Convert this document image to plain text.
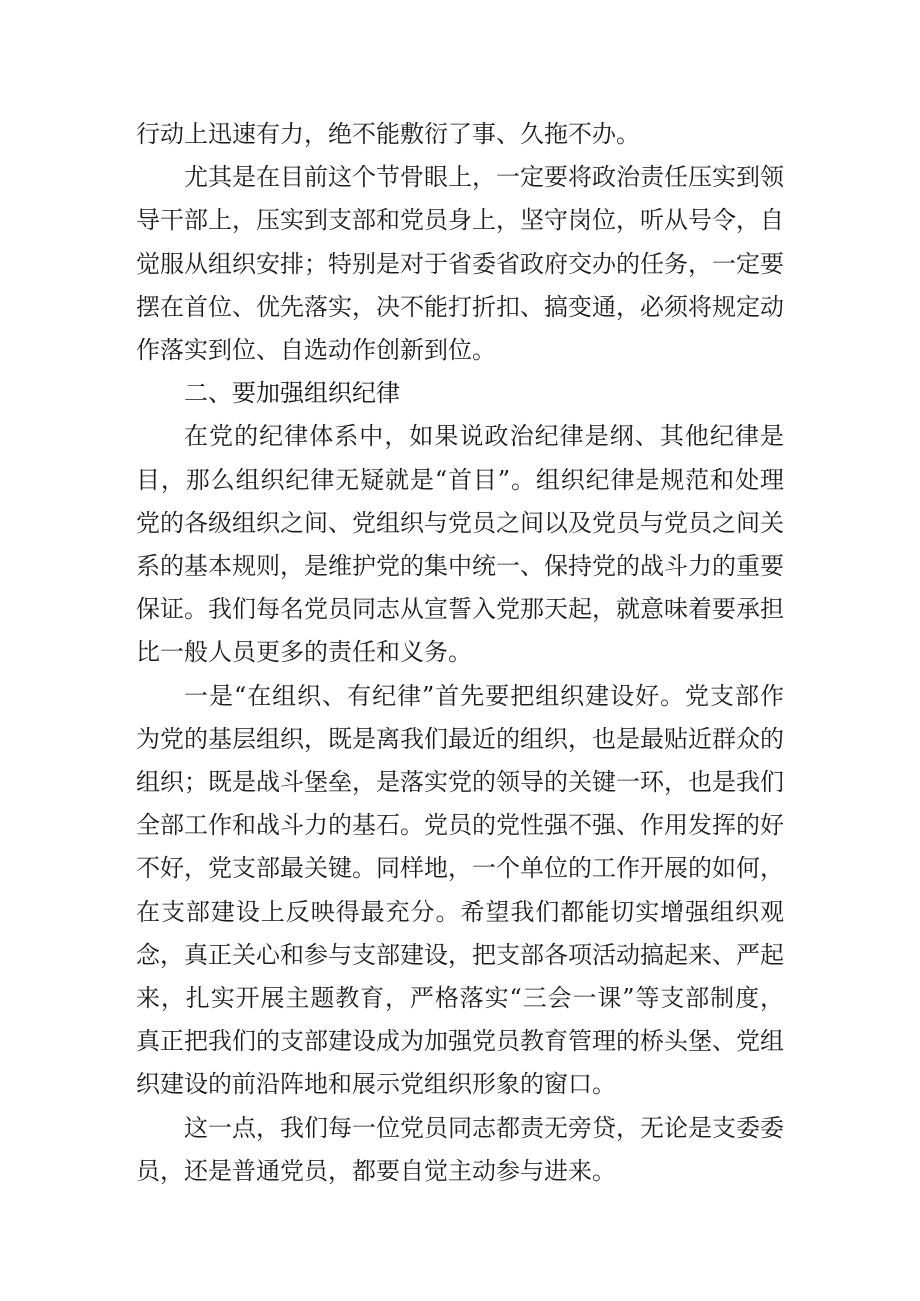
行动上迅速有力，绝不能敷衍了事、久拖不办。

尤其是在目前这个节骨眼上，一定要将政治责任压实到领导干部上，压实到支部和党员身上，坚守岗位，听从号令，自觉服从组织安排；特别是对于省委省政府交办的任务，一定要摆在首位、优先落实，决不能打折扣、搞变通，必须将规定动作落实到位、自选动作创新到位。

二、要加强组织纪律

在党的纪律体系中，如果说政治纪律是纲、其他纪律是目，那么组织纪律无疑就是“首目”。组织纪律是规范和处理党的各级组织之间、党组织与党员之间以及党员与党员之间关系的基本规则，是维护党的集中统一、保持党的战斗力的重要保证。我们每名党员同志从宣誓入党那天起，就意味着要承担比一般人员更多的责任和义务。

一是“在组织、有纪律”首先要把组织建设好。党支部作为党的基层组织，既是离我们最近的组织，也是最贴近群众的组织；既是战斗堡垒，是落实党的领导的关键一环，也是我们全部工作和战斗力的基石。党员的党性强不强、作用发挥的好不好，党支部最关键。同样地，一个单位的工作开展的如何，在支部建设上反映得最充分。希望我们都能切实增强组织观念，真正关心和参与支部建设，把支部各项活动搞起来、严起来，扎实开展主题教育，严格落实“三会一课”等支部制度，真正把我们的支部建设成为加强党员教育管理的桥头堡、党组织建设的前沿阵地和展示党组织形象的窗口。

这一点，我们每一位党员同志都责无旁贷，无论是支委委员，还是普通党员，都要自觉主动参与进来。
